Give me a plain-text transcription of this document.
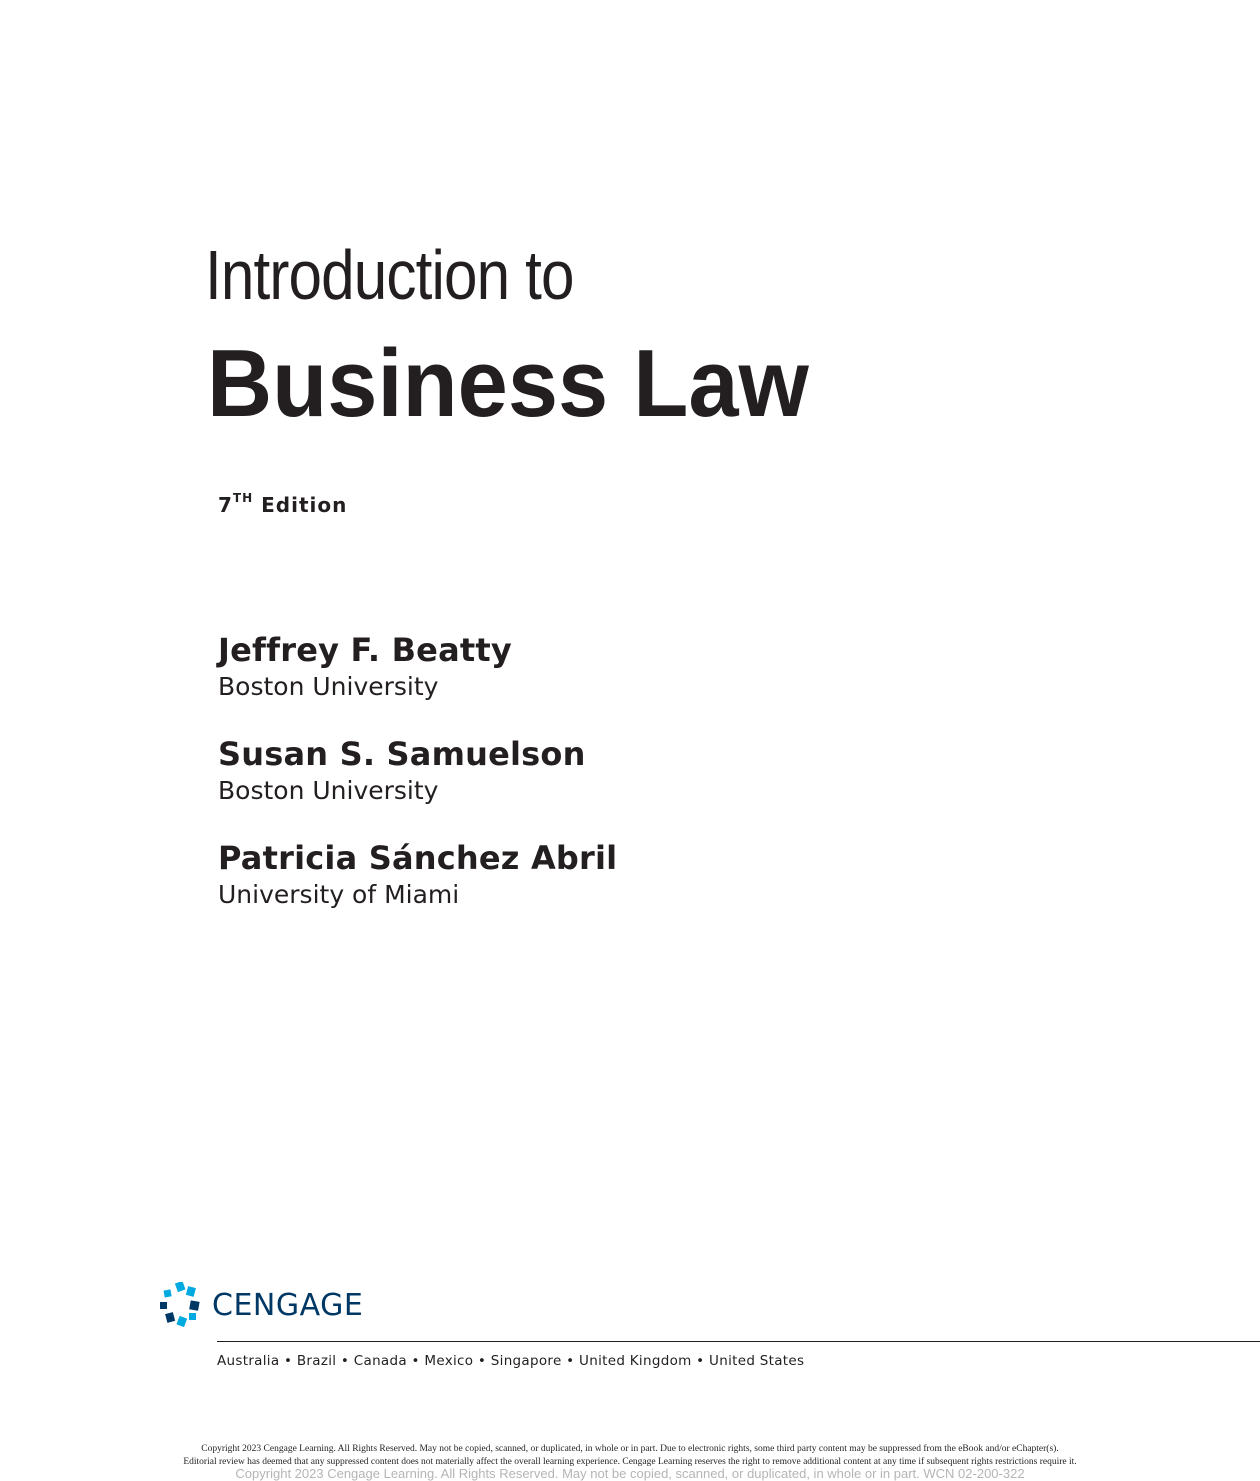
Introduction to
Business Law
7TH Edition
Jeffrey F. Beatty
Boston University
Susan S. Samuelson
Boston University
Patricia Sánchez Abril
University of Miami
CENGAGE
Australia • Brazil • Canada • Mexico • Singapore • United Kingdom • United States
Copyright 2023 Cengage Learning. All Rights Reserved. May not be copied, scanned, or duplicated, in whole or in part. Due to electronic rights, some third party content may be suppressed from the eBook and/or eChapter(s).
Editorial review has deemed that any suppressed content does not materially affect the overall learning experience. Cengage Learning reserves the right to remove additional content at any time if subsequent rights restrictions require it.
Copyright 2023 Cengage Learning. All Rights Reserved. May not be copied, scanned, or duplicated, in whole or in part. WCN 02-200-322
